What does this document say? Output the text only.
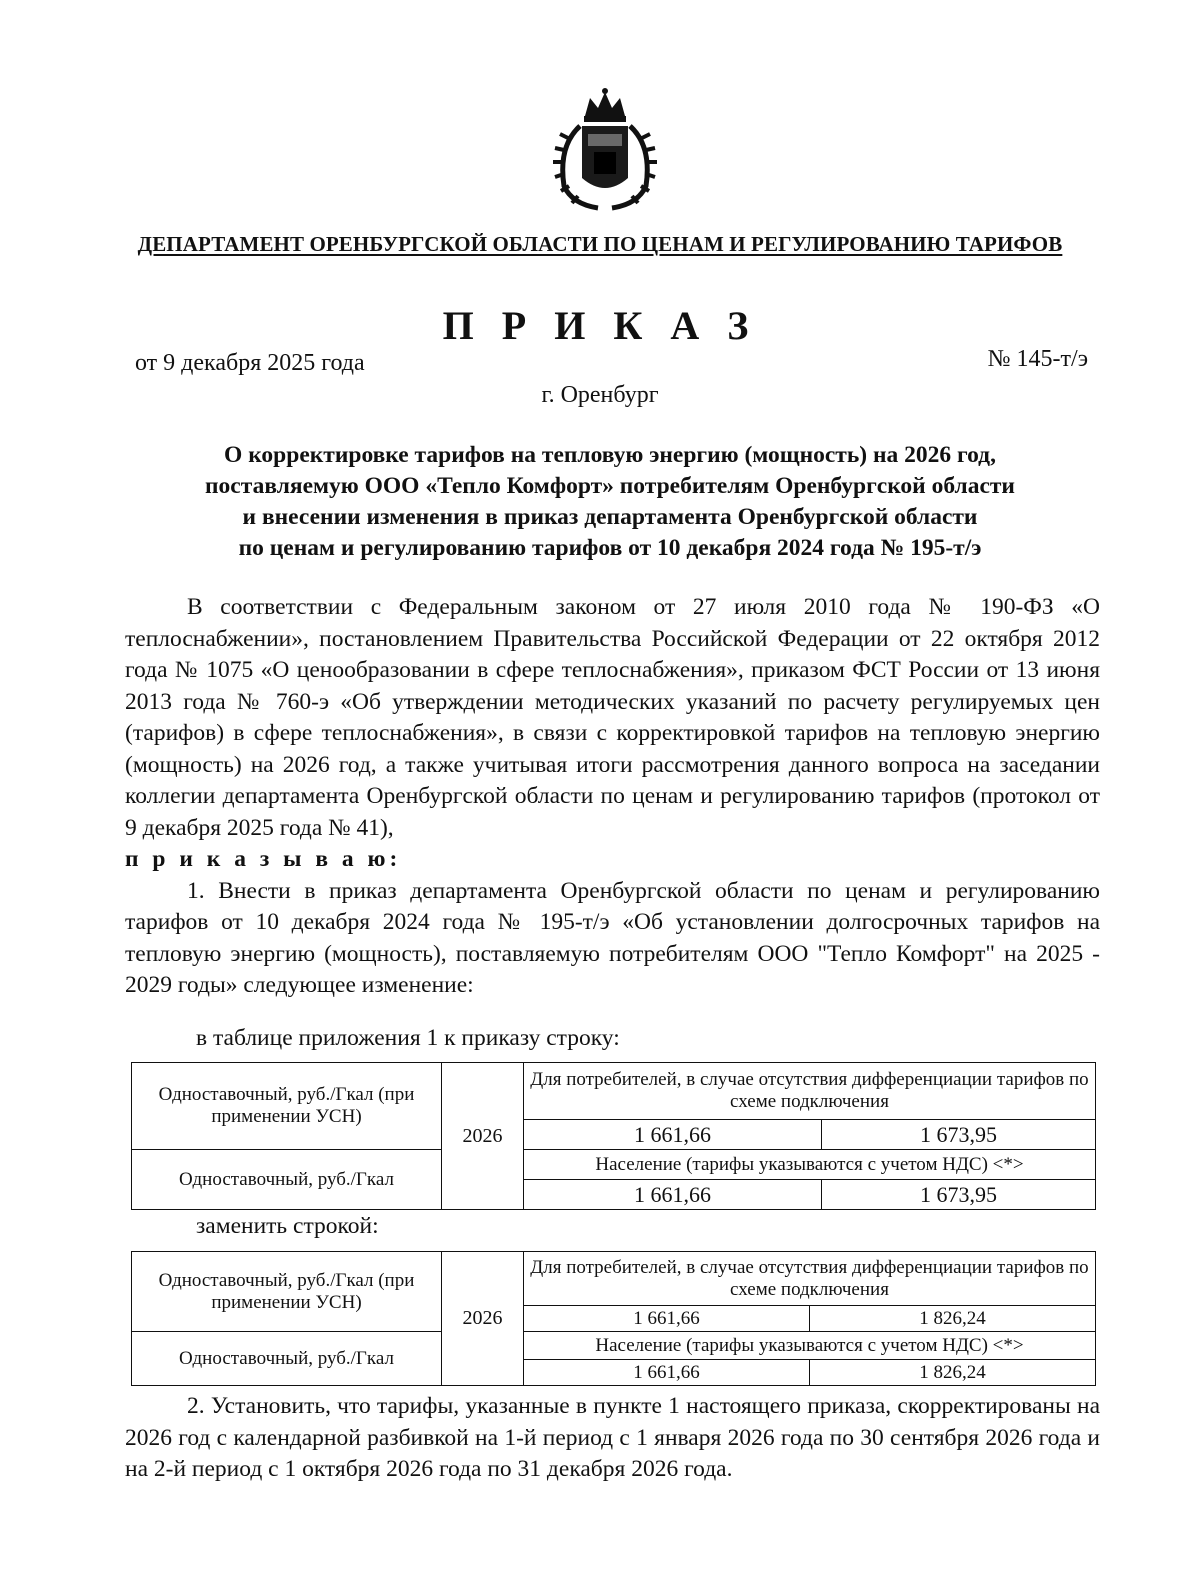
ДЕПАРТАМЕНТ ОРЕНБУРГСКОЙ ОБЛАСТИ ПО ЦЕНАМ И РЕГУЛИРОВАНИЮ ТАРИФОВ
П Р И К А З
от 9 декабря 2025 года	№ 145-т/э
г. Оренбург
О корректировке тарифов на тепловую энергию (мощность) на 2026 год,
поставляемую ООО «Тепло Комфорт» потребителям Оренбургской области
и внесении изменения в приказ департамента Оренбургской области
по ценам и регулированию тарифов от 10 декабря 2024 года № 195-т/э

В соответствии с Федеральным законом от 27 июля 2010 года № 190-ФЗ «О теплоснабжении», постановлением Правительства Российской Федерации от 22 октября 2012 года № 1075 «О ценообразовании в сфере теплоснабжения», приказом ФСТ России от 13 июня 2013 года № 760-э «Об утверждении методических указаний по расчету регулируемых цен (тарифов) в сфере теплоснабжения», в связи с корректировкой тарифов на тепловую энергию (мощность) на 2026 год, а также учитывая итоги рассмотрения данного вопроса на заседании коллегии департамента Оренбургской области по ценам и регулированию тарифов (протокол от 9 декабря 2025 года № 41),

п р и к а з ы в а ю:

1. Внести в приказ департамента Оренбургской области по ценам и регулированию тарифов от 10 декабря 2024 года № 195-т/э «Об установлении долгосрочных тарифов на тепловую энергию (мощность), поставляемую потребителям ООО "Тепло Комфорт" на 2025 - 2029 годы» следующее изменение:

в таблице приложения 1 к приказу строку:
Одноставочный, руб./Гкал (при применении УСН)	2026	Для потребителей, в случае отсутствия дифференциации тарифов по схеме подключения	
		1 661,66	1 673,95
Одноставочный, руб./Гкал		Население (тарифы указываются с учетом НДС) <*>	
		1 661,66	1 673,95
заменить строкой:
Одноставочный, руб./Гкал (при применении УСН)	2026	Для потребителей, в случае отсутствия дифференциации тарифов по схеме подключения	
		1 661,66	1 826,24
Одноставочный, руб./Гкал		Население (тарифы указываются с учетом НДС) <*>	
		1 661,66	1 826,24

2. Установить, что тарифы, указанные в пункте 1 настоящего приказа, скорректированы на 2026 год с календарной разбивкой на 1-й период с 1 января 2026 года по 30 сентября 2026 года и на 2-й период с 1 октября 2026 года по 31 декабря 2026 года.
